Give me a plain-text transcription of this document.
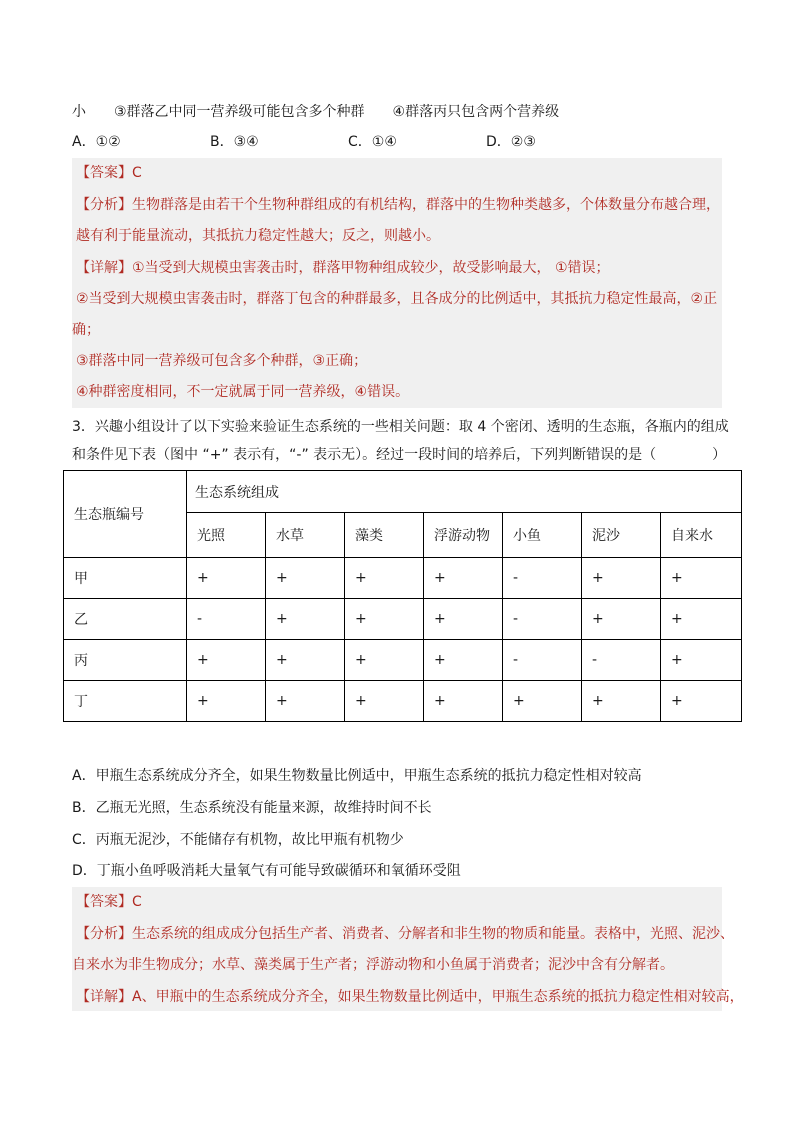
小　　③群落乙中同一营养级可能包含多个种群　　④群落丙只包含两个营养级
A．①②	B．③④	C．①④	D．②③
【答案】C
【分析】生物群落是由若干个生物种群组成的有机结构，群落中的生物种类越多，个体数量分布越合理，
越有利于能量流动，其抵抗力稳定性越大；反之，则越小。
【详解】①当受到大规模虫害袭击时，群落甲物种组成较少，故受影响最大， ①错误；
②当受到大规模虫害袭击时，群落丁包含的种群最多，且各成分的比例适中，其抵抗力稳定性最高，②正
确；
③群落中同一营养级可包含多个种群，③正确；
④种群密度相同，不一定就属于同一营养级，④错误。
3．兴趣小组设计了以下实验来验证生态系统的一些相关问题：取 4 个密闭、透明的生态瓶，各瓶内的组成
和条件见下表（图中 “+” 表示有，“-” 表示无）。经过一段时间的培养后，下列判断错误的是（　　　　）
生态瓶编号	生态系统组成						
	光照	水草	藻类	浮游动物	小鱼	泥沙	自来水
甲	+	+	+	+	-	+	+
乙	-	+	+	+	-	+	+
丙	+	+	+	+	-	-	+
丁	+	+	+	+	+	+	+
A．甲瓶生态系统成分齐全，如果生物数量比例适中，甲瓶生态系统的抵抗力稳定性相对较高
B．乙瓶无光照，生态系统没有能量来源，故维持时间不长
C．丙瓶无泥沙，不能储存有机物，故比甲瓶有机物少
D．丁瓶小鱼呼吸消耗大量氧气有可能导致碳循环和氧循环受阻
【答案】C
【分析】生态系统的组成成分包括生产者、消费者、分解者和非生物的物质和能量。表格中，光照、泥沙、
自来水为非生物成分；水草、藻类属于生产者；浮游动物和小鱼属于消费者；泥沙中含有分解者。
【详解】A、甲瓶中的生态系统成分齐全，如果生物数量比例适中，甲瓶生态系统的抵抗力稳定性相对较高，
